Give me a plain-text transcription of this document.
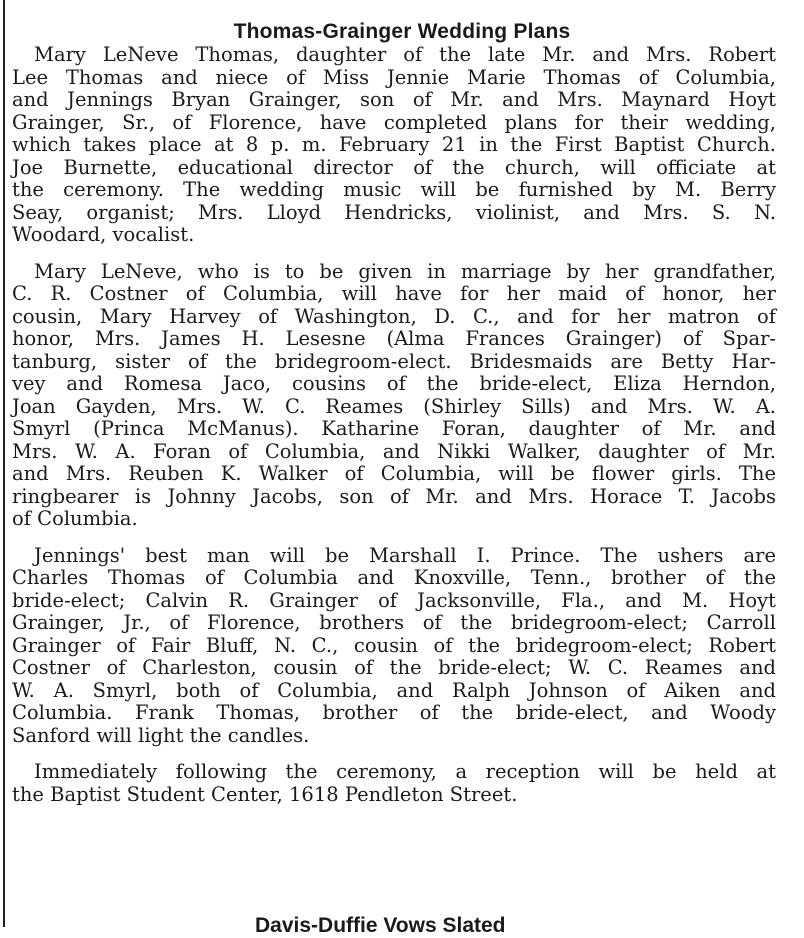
Thomas-Grainger Wedding Plans
Mary LeNeve Thomas, daughter of the late Mr. and Mrs. Robert
Lee Thomas and niece of Miss Jennie Marie Thomas of Columbia,
and Jennings Bryan Grainger, son of Mr. and Mrs. Maynard Hoyt
Grainger, Sr., of Florence, have completed plans for their wedding,
which takes place at 8 p. m. February 21 in the First Baptist Church.
Joe Burnette, educational director of the church, will officiate at
the ceremony. The wedding music will be furnished by M. Berry
Seay, organist; Mrs. Lloyd Hendricks, violinist, and Mrs. S. N.
Woodard, vocalist.
Mary LeNeve, who is to be given in marriage by her grandfather,
C. R. Costner of Columbia, will have for her maid of honor, her
cousin, Mary Harvey of Washington, D. C., and for her matron of
honor, Mrs. James H. Lesesne (Alma Frances Grainger) of Spar-
tanburg, sister of the bridegroom-elect. Bridesmaids are Betty Har-
vey and Romesa Jaco, cousins of the bride-elect, Eliza Herndon,
Joan Gayden, Mrs. W. C. Reames (Shirley Sills) and Mrs. W. A.
Smyrl (Princa McManus). Katharine Foran, daughter of Mr. and
Mrs. W. A. Foran of Columbia, and Nikki Walker, daughter of Mr.
and Mrs. Reuben K. Walker of Columbia, will be flower girls. The
ringbearer is Johnny Jacobs, son of Mr. and Mrs. Horace T. Jacobs
of Columbia.
Jennings' best man will be Marshall I. Prince. The ushers are
Charles Thomas of Columbia and Knoxville, Tenn., brother of the
bride-elect; Calvin R. Grainger of Jacksonville, Fla., and M. Hoyt
Grainger, Jr., of Florence, brothers of the bridegroom-elect; Carroll
Grainger of Fair Bluff, N. C., cousin of the bridegroom-elect; Robert
Costner of Charleston, cousin of the bride-elect; W. C. Reames and
W. A. Smyrl, both of Columbia, and Ralph Johnson of Aiken and
Columbia. Frank Thomas, brother of the bride-elect, and Woody
Sanford will light the candles.
Immediately following the ceremony, a reception will be held at
the Baptist Student Center, 1618 Pendleton Street.
Davis-Duffie Vows Slated
